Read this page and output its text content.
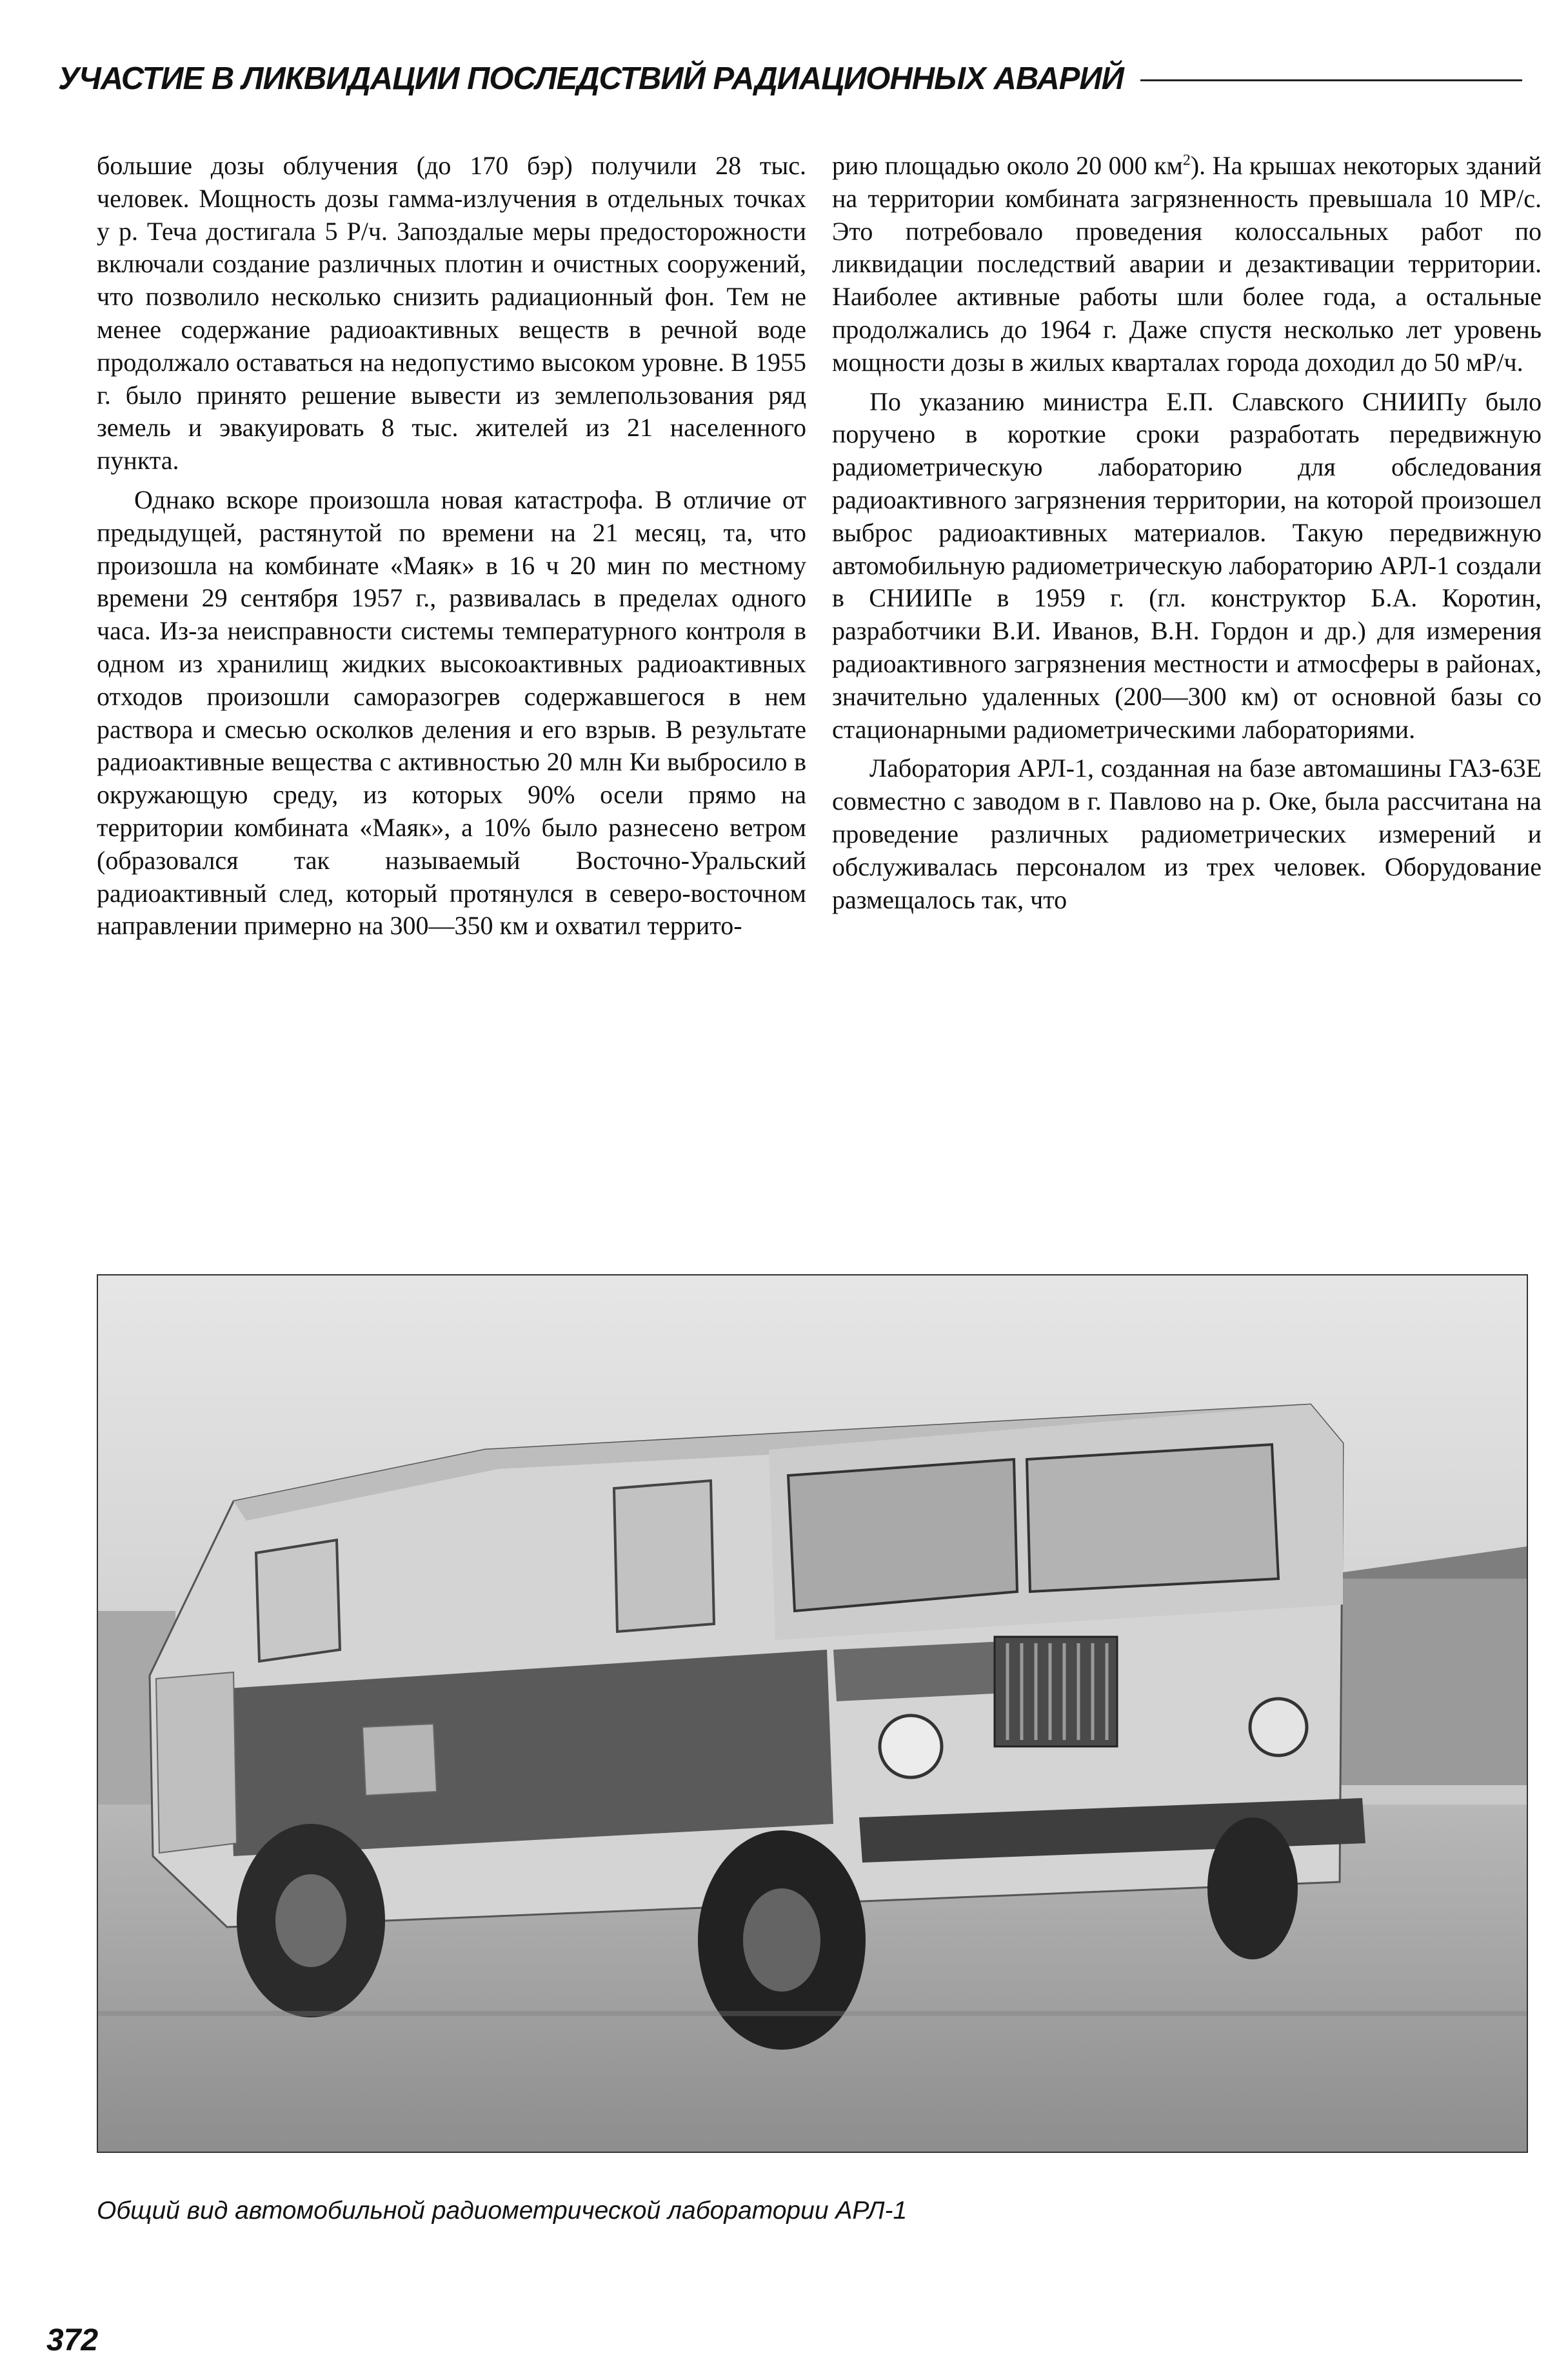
УЧАСТИЕ В ЛИКВИДАЦИИ ПОСЛЕДСТВИЙ РАДИАЦИОННЫХ АВАРИЙ

большие дозы облучения (до 170 бэр) получили 28 тыс. человек. Мощность дозы гамма-излучения в отдельных точках у р. Теча достигала 5 Р/ч. Запоздалые меры предосторожности включали создание различных плотин и очистных сооружений, что позволило несколько снизить радиационный фон. Тем не менее содержание радиоактивных веществ в речной воде продолжало оставаться на недопустимо высоком уровне. В 1955 г. было принято решение вывести из землепользования ряд земель и эвакуировать 8 тыс. жителей из 21 населенного пункта.

Однако вскоре произошла новая катастрофа. В отличие от предыдущей, растянутой по времени на 21 месяц, та, что произошла на комбинате «Маяк» в 16 ч 20 мин по местному времени 29 сентября 1957 г., развивалась в пределах одного часа. Из-за неисправности системы температурного контроля в одном из хранилищ жидких высокоактивных радиоактивных отходов произошли саморазогрев содержавшегося в нем раствора и смесью осколков деления и его взрыв. В результате радиоактивные вещества с активностью 20 млн Ки выбросило в окружающую среду, из которых 90% осели прямо на территории комбината «Маяк», а 10% было разнесено ветром (образовался так называемый Восточно-Уральский радиоактивный след, который протянулся в северо-восточном направлении примерно на 300—350 км и охватил террито-

рию площадью около 20 000 $км^2$). На крышах некоторых зданий на территории комбината загрязненность превышала 10 МР/с. Это потребовало проведения колоссальных работ по ликвидации последствий аварии и дезактивации территории. Наиболее активные работы шли более года, а остальные продолжались до 1964 г. Даже спустя несколько лет уровень мощности дозы в жилых кварталах города доходил до 50 мР/ч.

По указанию министра Е.П. Славского СНИИПу было поручено в короткие сроки разработать передвижную радиометрическую лабораторию для обследования радиоактивного загрязнения территории, на которой произошел выброс радиоактивных материалов. Такую передвижную автомобильную радиометрическую лабораторию АРЛ-1 создали в СНИИПе в 1959 г. (гл. конструктор Б.А. Коротин, разработчики В.И. Иванов, В.Н. Гордон и др.) для измерения радиоактивного загрязнения местности и атмосферы в районах, значительно удаленных (200—300 км) от основной базы со стационарными радиометрическими лабораториями.

Лаборатория АРЛ-1, созданная на базе автомашины ГАЗ-63Е совместно с заводом в г. Павлово на р. Оке, была рассчитана на проведение различных радиометрических измерений и обслуживалась персоналом из трех человек. Оборудование размещалось так, что

Общий вид автомобильной радиометрической лаборатории АРЛ-1
372
